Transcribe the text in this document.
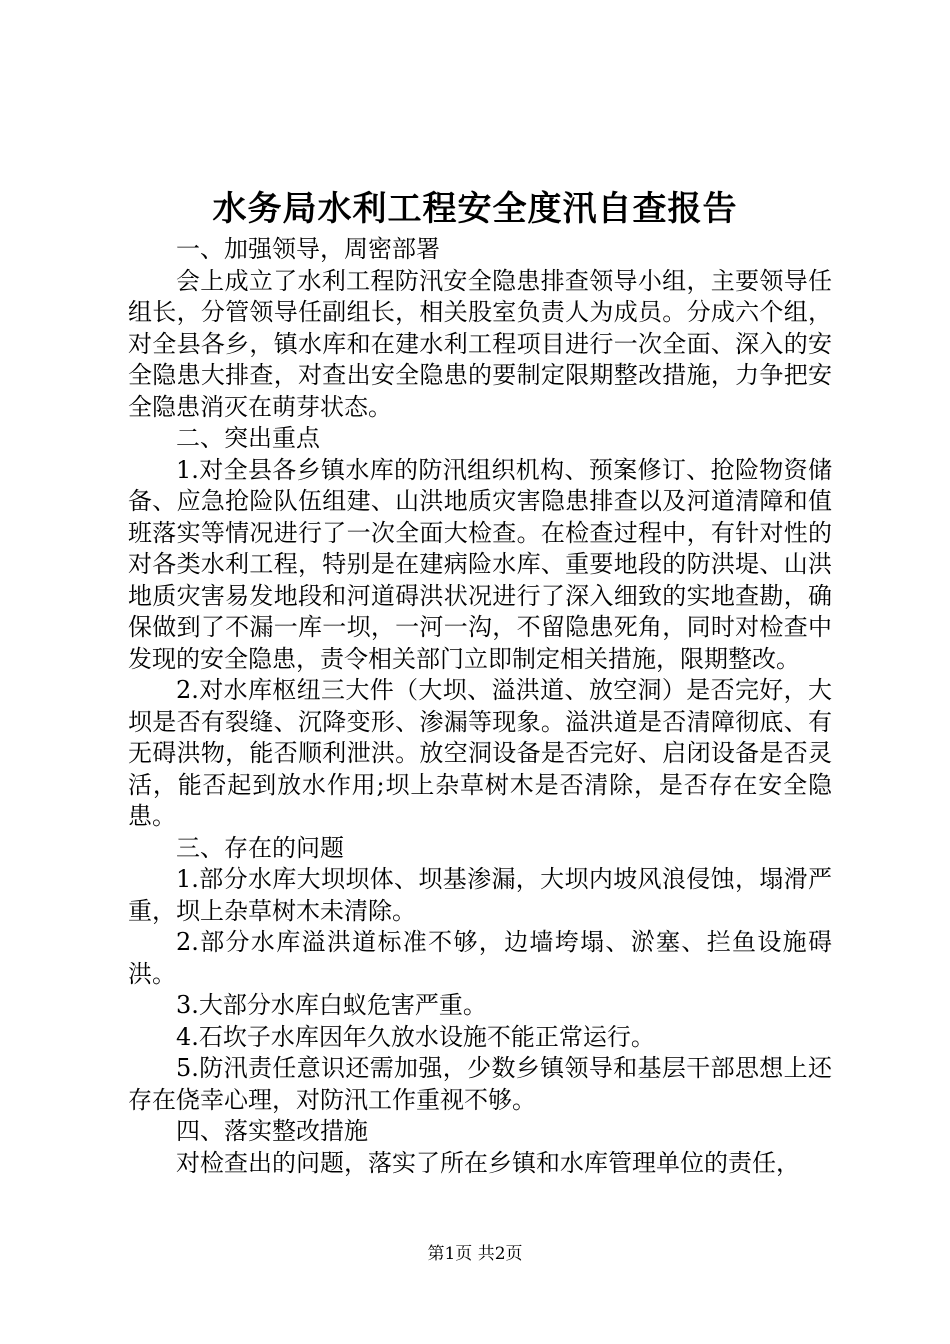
水务局水利工程安全度汛自查报告

一、加强领导，周密部署

会上成立了水利工程防汛安全隐患排查领导小组，主要领导任组长，分管领导任副组长，相关股室负责人为成员。分成六个组，对全县各乡，镇水库和在建水利工程项目进行一次全面、深入的安全隐患大排查，对查出安全隐患的要制定限期整改措施，力争把安全隐患消灭在萌芽状态。

二、突出重点

1.对全县各乡镇水库的防汛组织机构、预案修订、抢险物资储备、应急抢险队伍组建、山洪地质灾害隐患排查以及河道清障和值班落实等情况进行了一次全面大检查。在检查过程中，有针对性的对各类水利工程，特别是在建病险水库、重要地段的防洪堤、山洪地质灾害易发地段和河道碍洪状况进行了深入细致的实地查勘，确保做到了不漏一库一坝，一河一沟，不留隐患死角，同时对检查中发现的安全隐患，责令相关部门立即制定相关措施，限期整改。

2.对水库枢纽三大件（大坝、溢洪道、放空洞）是否完好，大坝是否有裂缝、沉降变形、渗漏等现象。溢洪道是否清障彻底、有无碍洪物，能否顺利泄洪。放空洞设备是否完好、启闭设备是否灵活，能否起到放水作用;坝上杂草树木是否清除，是否存在安全隐患。

三、存在的问题

1.部分水库大坝坝体、坝基渗漏，大坝内坡风浪侵蚀，塌滑严重，坝上杂草树木未清除。

2.部分水库溢洪道标准不够，边墙垮塌、淤塞、拦鱼设施碍洪。

3.大部分水库白蚁危害严重。

4.石坎子水库因年久放水设施不能正常运行。

5.防汛责任意识还需加强，少数乡镇领导和基层干部思想上还存在侥幸心理，对防汛工作重视不够。

四、落实整改措施

对检查出的问题，落实了所在乡镇和水库管理单位的责任，

第1页 共2页
